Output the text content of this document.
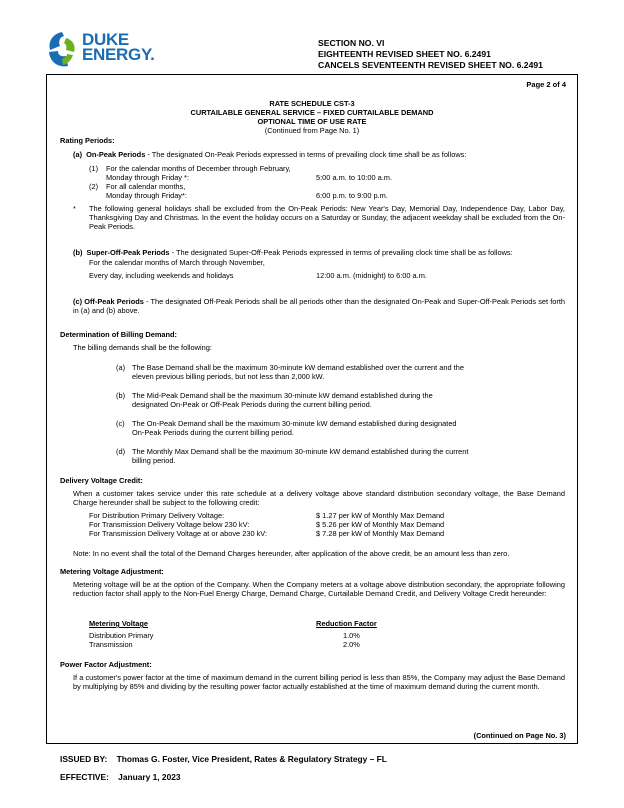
DUKE
ENERGY.
SECTION NO. VI
EIGHTEENTH REVISED SHEET NO. 6.2491
CANCELS SEVENTEENTH REVISED SHEET NO. 6.2491
Page 2 of 4
RATE SCHEDULE CST-3
CURTAILABLE GENERAL SERVICE – FIXED CURTAILABLE DEMAND
OPTIONAL TIME OF USE RATE
(Continued from Page No. 1)
Rating Periods:
(a) On-Peak Periods - The designated On-Peak Periods expressed in terms of prevailing clock time shall be as follows:
(1) For the calendar months of December through February,
Monday through Friday *:	5:00 a.m. to 10:00 a.m.
(2) For all calendar months,
Monday through Friday*:	6:00 p.m. to 9:00 p.m.
* The following general holidays shall be excluded from the On-Peak Periods: New Year's Day, Memorial Day, Independence Day, Labor Day, Thanksgiving Day and Christmas. In the event the holiday occurs on a Saturday or Sunday, the adjacent weekday shall be excluded from the On-Peak Periods.
(b) Super-Off-Peak Periods - The designated Super-Off-Peak Periods expressed in terms of prevailing clock time shall be as follows:
For the calendar months of March through November,
Every day, including weekends and holidays	12:00 a.m. (midnight) to 6:00 a.m.
(c) Off-Peak Periods - The designated Off-Peak Periods shall be all periods other than the designated On-Peak and Super-Off-Peak Periods set forth in (a) and (b) above.
Determination of Billing Demand:
The billing demands shall be the following:
(a) The Base Demand shall be the maximum 30-minute kW demand established over the current and the
eleven previous billing periods, but not less than 2,000 kW.
(b) The Mid-Peak Demand shall be the maximum 30-minute kW demand established during the
designated On-Peak or Off-Peak Periods during the current billing period.
(c) The On-Peak Demand shall be the maximum 30-minute kW demand established during designated
On-Peak Periods during the current billing period.
(d) The Monthly Max Demand shall be the maximum 30-minute kW demand established during the current
billing period.
Delivery Voltage Credit:
When a customer takes service under this rate schedule at a delivery voltage above standard distribution secondary voltage, the Base Demand Charge hereunder shall be subject to the following credit:
For Distribution Primary Delivery Voltage:	$ 1.27 per kW of Monthly Max Demand
For Transmission Delivery Voltage below 230 kV:	$ 5.26 per kW of Monthly Max Demand
For Transmission Delivery Voltage at or above 230 kV:	$ 7.28 per kW of Monthly Max Demand
Note: In no event shall the total of the Demand Charges hereunder, after application of the above credit, be an amount less than zero.
Metering Voltage Adjustment:
Metering voltage will be at the option of the Company. When the Company meters at a voltage above distribution secondary, the appropriate following reduction factor shall apply to the Non-Fuel Energy Charge, Demand Charge, Curtailable Demand Credit, and Delivery Voltage Credit hereunder:
Metering Voltage	Reduction Factor
Distribution Primary	1.0%
Transmission	2.0%
Power Factor Adjustment:
If a customer's power factor at the time of maximum demand in the current billing period is less than 85%, the Company may adjust the Base Demand by multiplying by 85% and dividing by the resulting power factor actually established at the time of maximum demand during the current month.
(Continued on Page No. 3)
ISSUED BY: Thomas G. Foster, Vice President, Rates & Regulatory Strategy – FL
EFFECTIVE: January 1, 2023
